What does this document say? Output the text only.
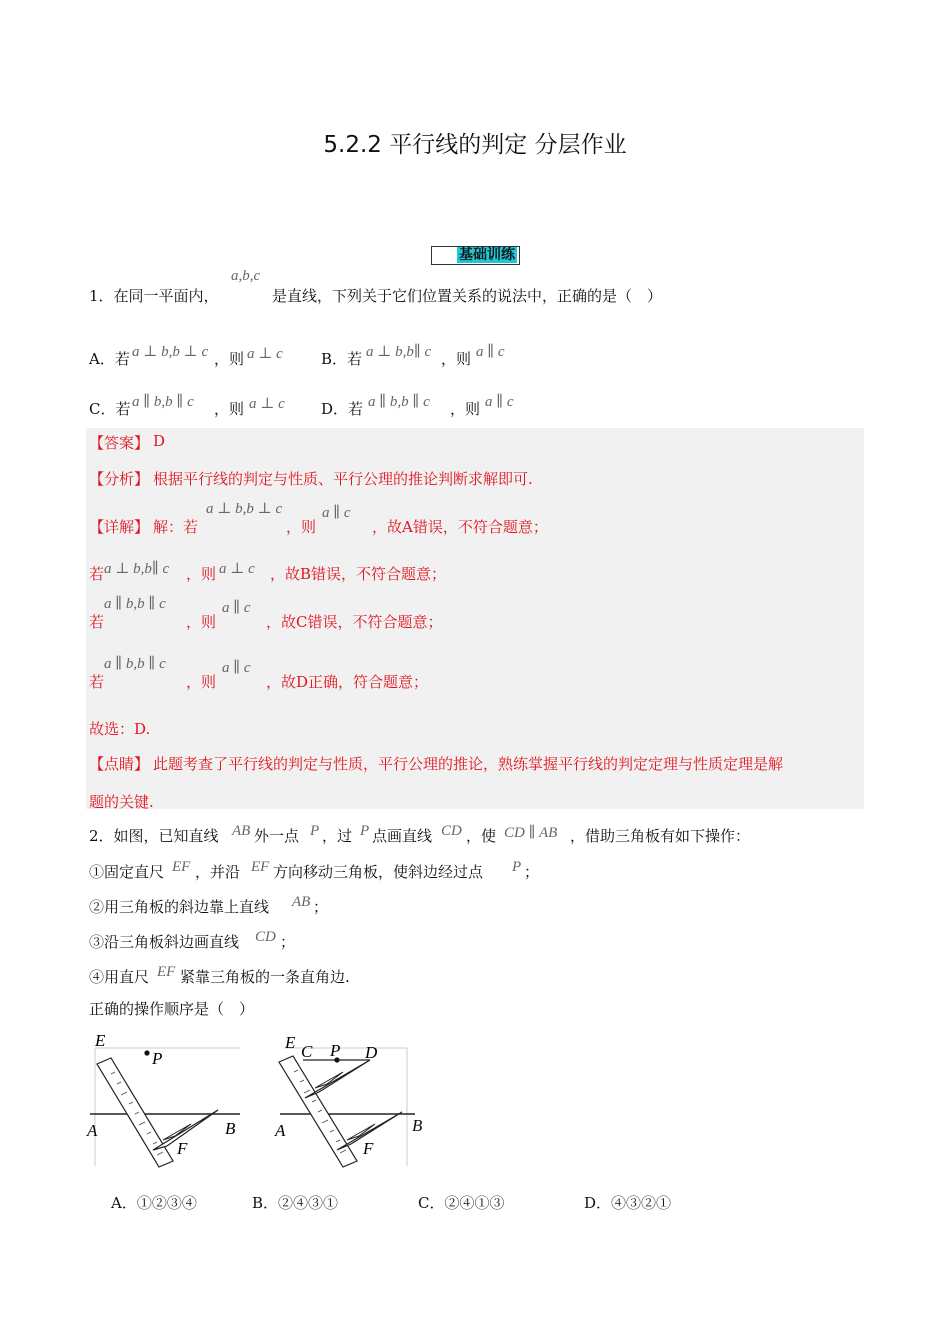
5.2.2 平行线的判定 分层作业
基础训练
1．在同一平面内，
a,b,c
是直线，下列关于它们位置关系的说法中，正确的是（　）
A．若 a ⊥ b,b ⊥ c ，则 a ⊥ c	B．若 a ⊥ b,b∥ c ，则 a ∥ c
C．若 a ∥ b,b ∥ c ，则 a ⊥ c D．若 a ∥ b,b ∥ c ，则 a ∥ c
【答案】 D
【分析】 根据平行线的判定与性质、平行公理的推论判断求解即可.
【详解】 解：若
a ⊥ b,b ⊥ c
，则
a ∥ c
，故A错误，不符合题意；
若 a ⊥ b,b∥ c ，则 a ⊥ c ，故B错误，不符合题意；
若
a ∥ b,b ∥ c
，则
a ∥ c
，故C错误，不符合题意；
若
a ∥ b,b ∥ c
，则
a ∥ c
，故D正确，符合题意；
故选：D.
【点睛】 此题考查了平行线的判定与性质，平行公理的推论，熟练掌握平行线的判定定理与性质定理是解
题的关键.
2．如图，已知直线 AB 外一点 P ，过 P 点画直线 CD ，使 CD ∥ AB ，借助三角板有如下操作：
①固定直尺 EF ，并沿 EF 方向移动三角板，使斜边经过点 P ；
②用三角板的斜边靠上直线 AB ；
③沿三角板斜边画直线 CD ；
④用直尺 EF 紧靠三角板的一条直角边.
正确的操作顺序是（　）
E
P
A	B
F
E C P D
A
F
B
A．①②③④	B．②④③①	C．②④①③	D．④③②①
